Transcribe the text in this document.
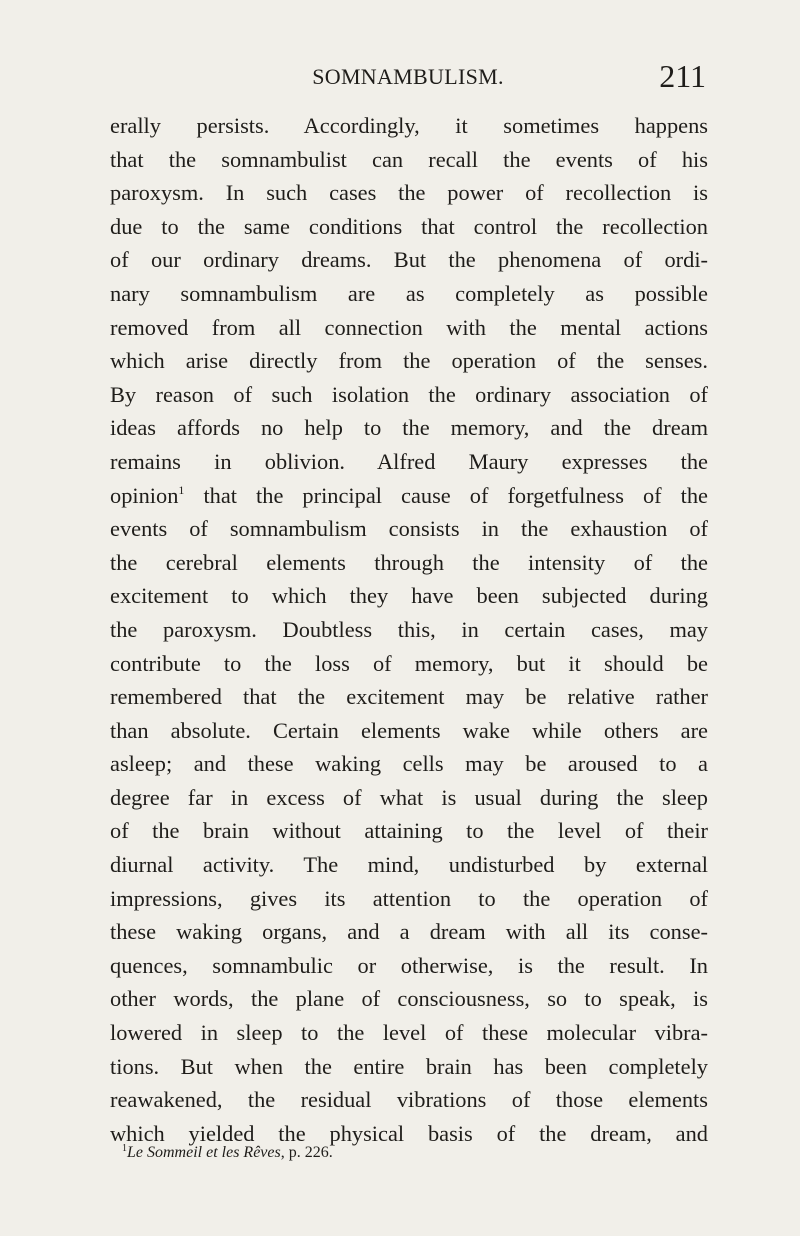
SOMNAMBULISM.	211
erally persists. Accordingly, it sometimes happens
that the somnambulist can recall the events of his
paroxysm. In such cases the power of recollection is
due to the same conditions that control the recollection
of our ordinary dreams. But the phenomena of ordi-
nary somnambulism are as completely as possible
removed from all connection with the mental actions
which arise directly from the operation of the senses.
By reason of such isolation the ordinary association of
ideas affords no help to the memory, and the dream
remains in oblivion. Alfred Maury expresses the
opinion$^1$ that the principal cause of forgetfulness of the
events of somnambulism consists in the exhaustion of
the cerebral elements through the intensity of the
excitement to which they have been subjected during
the paroxysm. Doubtless this, in certain cases, may
contribute to the loss of memory, but it should be
remembered that the excitement may be relative rather
than absolute. Certain elements wake while others are
asleep; and these waking cells may be aroused to a
degree far in excess of what is usual during the sleep
of the brain without attaining to the level of their
diurnal activity. The mind, undisturbed by external
impressions, gives its attention to the operation of
these waking organs, and a dream with all its conse-
quences, somnambulic or otherwise, is the result. In
other words, the plane of consciousness, so to speak, is
lowered in sleep to the level of these molecular vibra-
tions. But when the entire brain has been completely
reawakened, the residual vibrations of those elements
which yielded the physical basis of the dream, and
$^1$Le Sommeil et les Rêves, p. 226.
